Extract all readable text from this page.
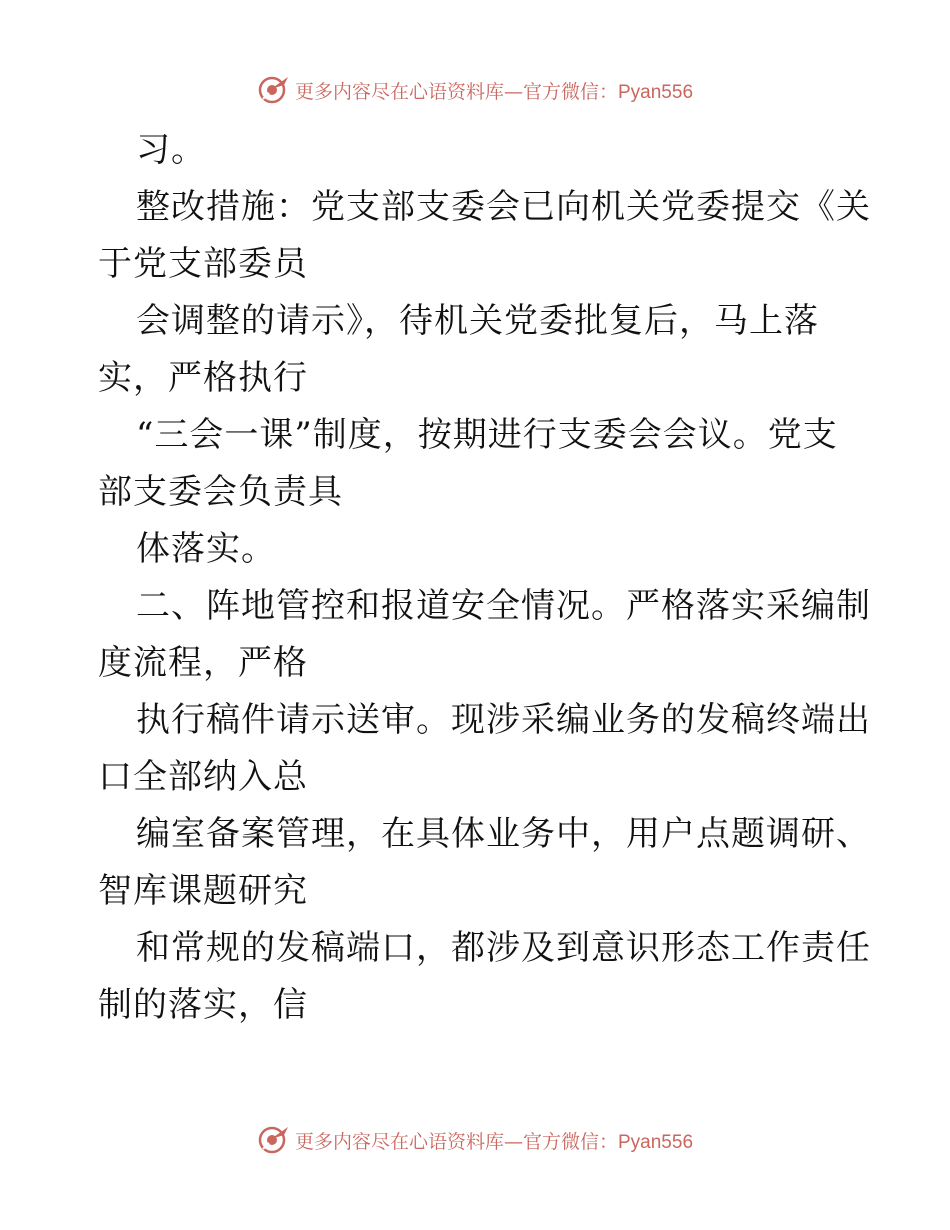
更多内容尽在心语资料库—官方微信：Pyan556
习。
整改措施：党支部支委会已向机关党委提交《关
于党支部委员
会调整的请示》，待机关党委批复后，马上落
实，严格执行
“三会一课”制度，按期进行支委会会议。党支
部支委会负责具
体落实。
二、阵地管控和报道安全情况。严格落实采编制
度流程，严格
执行稿件请示送审。现涉采编业务的发稿终端出
口全部纳入总
编室备案管理，在具体业务中，用户点题调研、
智库课题研究
和常规的发稿端口，都涉及到意识形态工作责任
制的落实，信
更多内容尽在心语资料库—官方微信：Pyan556
